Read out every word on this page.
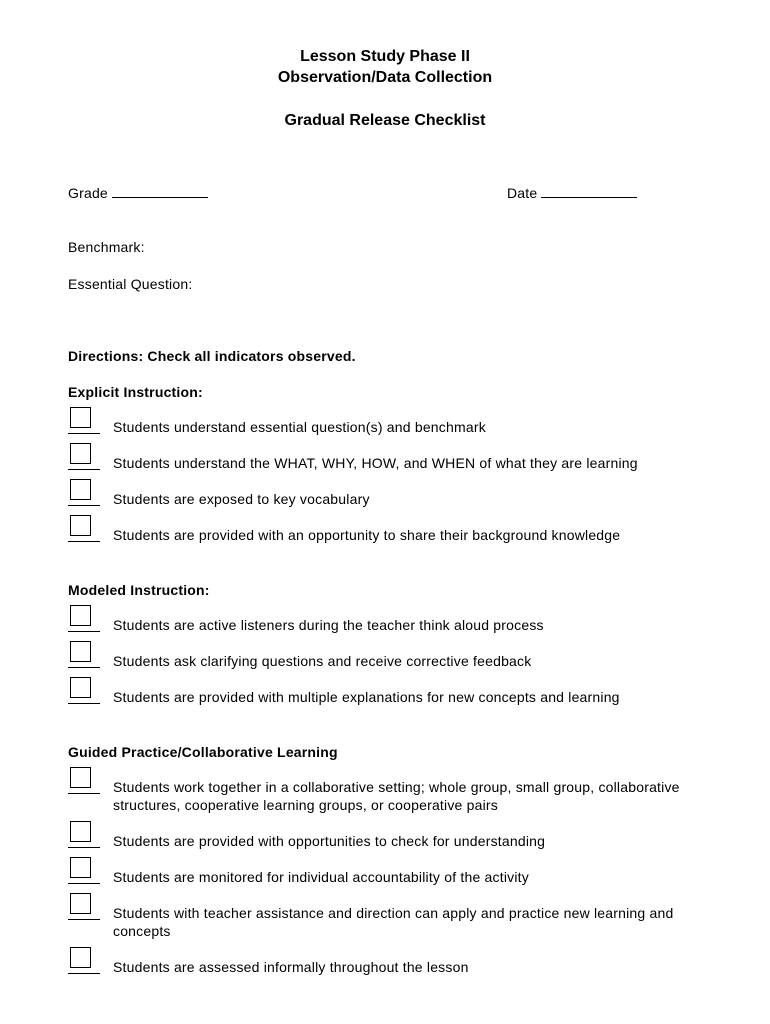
Lesson Study Phase II
Observation/Data Collection
Gradual Release Checklist
Grade	Date
Benchmark:
Essential Question:
Directions: Check all indicators observed.
Explicit Instruction:
Students understand essential question(s) and benchmark
Students understand the WHAT, WHY, HOW, and WHEN of what they are learning
Students are exposed to key vocabulary
Students are provided with an opportunity to share their background knowledge
Modeled Instruction:
Students are active listeners during the teacher think aloud process
Students ask clarifying questions and receive corrective feedback
Students are provided with multiple explanations for new concepts and learning
Guided Practice/Collaborative Learning
Students work together in a collaborative setting; whole group, small group, collaborative structures, cooperative learning groups, or cooperative pairs
Students are provided with opportunities to check for understanding
Students are monitored for individual accountability of the activity
Students with teacher assistance and direction can apply and practice new learning and concepts
Students are assessed informally throughout the lesson
